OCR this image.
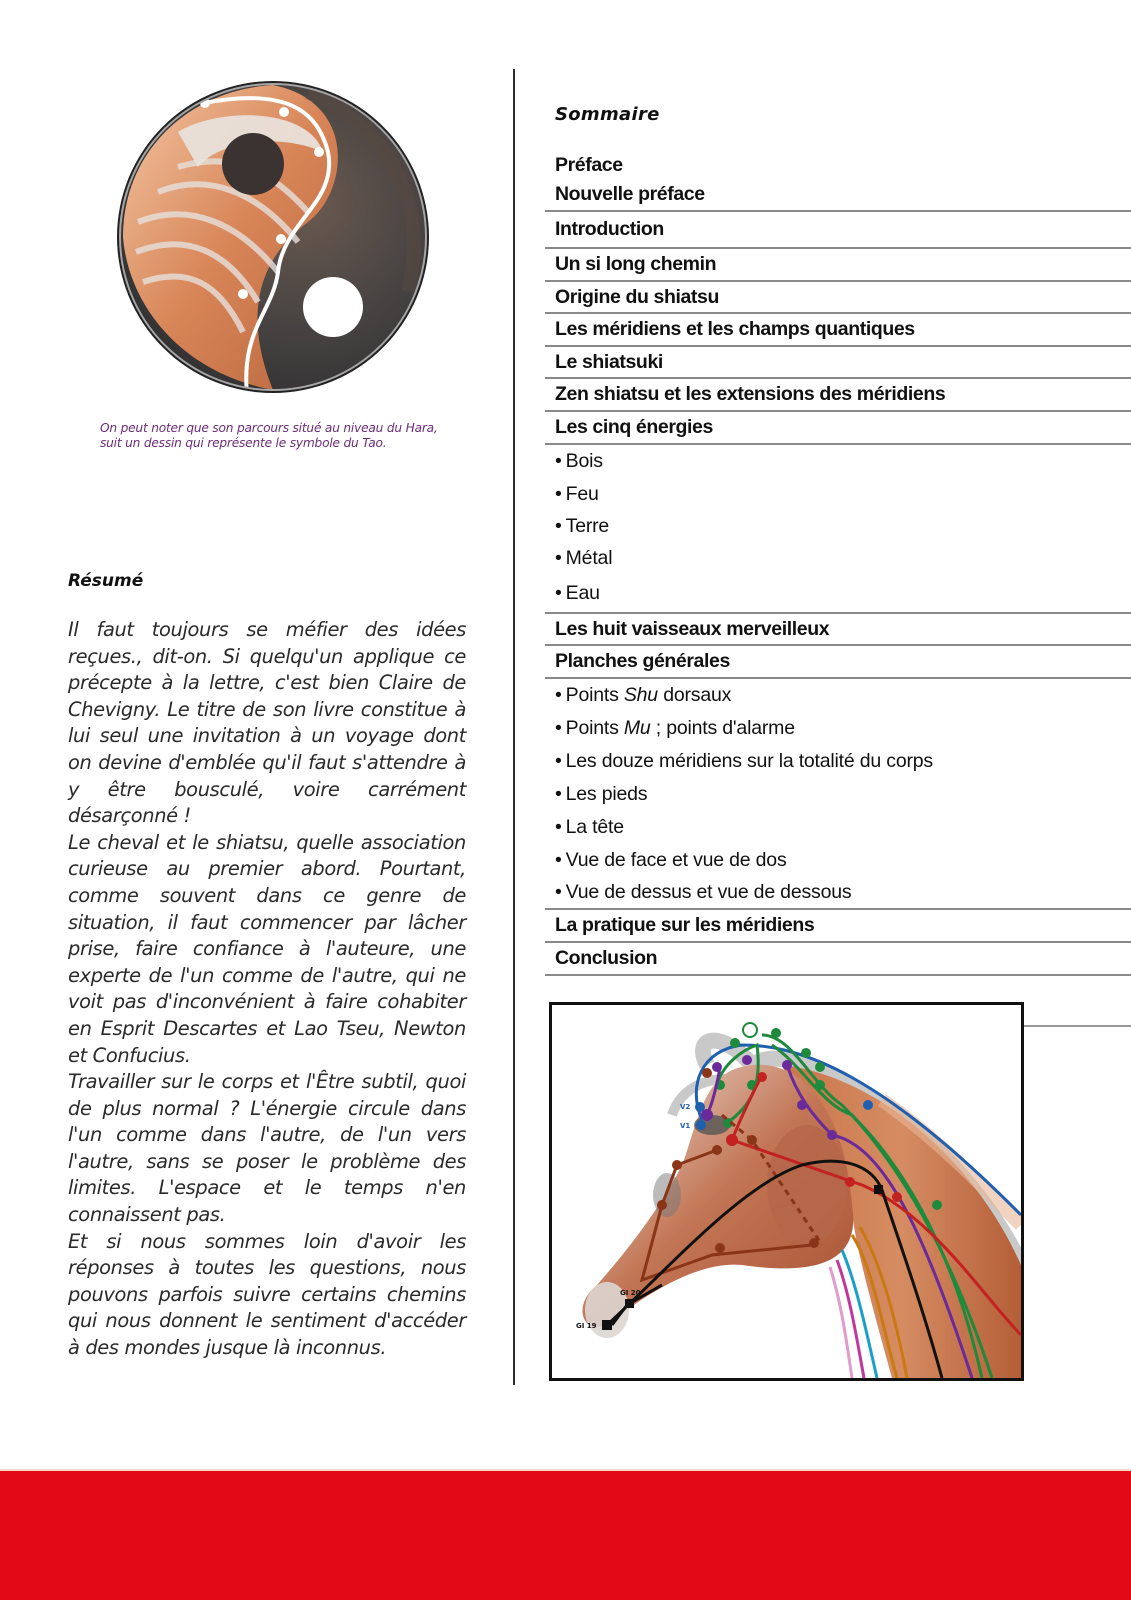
On peut noter que son parcours situé au niveau du Hara, suit un dessin qui représente le symbole du Tao.
Résumé

Il faut toujours se méfier des idées reçues., dit-on. Si quelqu'un applique ce précepte à la lettre, c'est bien Claire de Chevigny. Le titre de son livre constitue à lui seul une invitation à un voyage dont on devine d'emblée qu'il faut s'attendre à y être bousculé, voire carrément désarçonné !

Le cheval et le shiatsu, quelle association curieuse au premier abord. Pourtant, comme souvent dans ce genre de situation, il faut commencer par lâcher prise, faire confiance à l'auteure, une experte de l'un comme de l'autre, qui ne voit pas d'inconvénient à faire cohabiter en Esprit Descartes et Lao Tseu, Newton et Confucius.

Travailler sur le corps et l'Être subtil, quoi de plus normal ? L'énergie circule dans l'un comme dans l'autre, de l'un vers l'autre, sans se poser le problème des limites. L'espace et le temps n'en connaissent pas.

Et si nous sommes loin d'avoir les réponses à toutes les questions, nous pouvons parfois suivre certains chemins qui nous donnent le sentiment d'accéder à des mondes jusque là inconnus.

Sommaire
Préface
Nouvelle préface
Introduction
Un si long chemin
Origine du shiatsu
Les méridiens et les champs quantiques
Le shiatsuki
Zen shiatsu et les extensions des méridiens
Les cinq énergies
• Bois
• Feu
• Terre
• Métal
• Eau
Les huit vaisseaux merveilleux
Planches générales
• Points Shu dorsaux
• Points Mu ; points d'alarme
• Les douze méridiens sur la totalité du corps
• Les pieds
• La tête
• Vue de face et vue de dos
• Vue de dessus et vue de dessous
La pratique sur les méridiens
Conclusion
V2
V1
GI 19
GI 20
